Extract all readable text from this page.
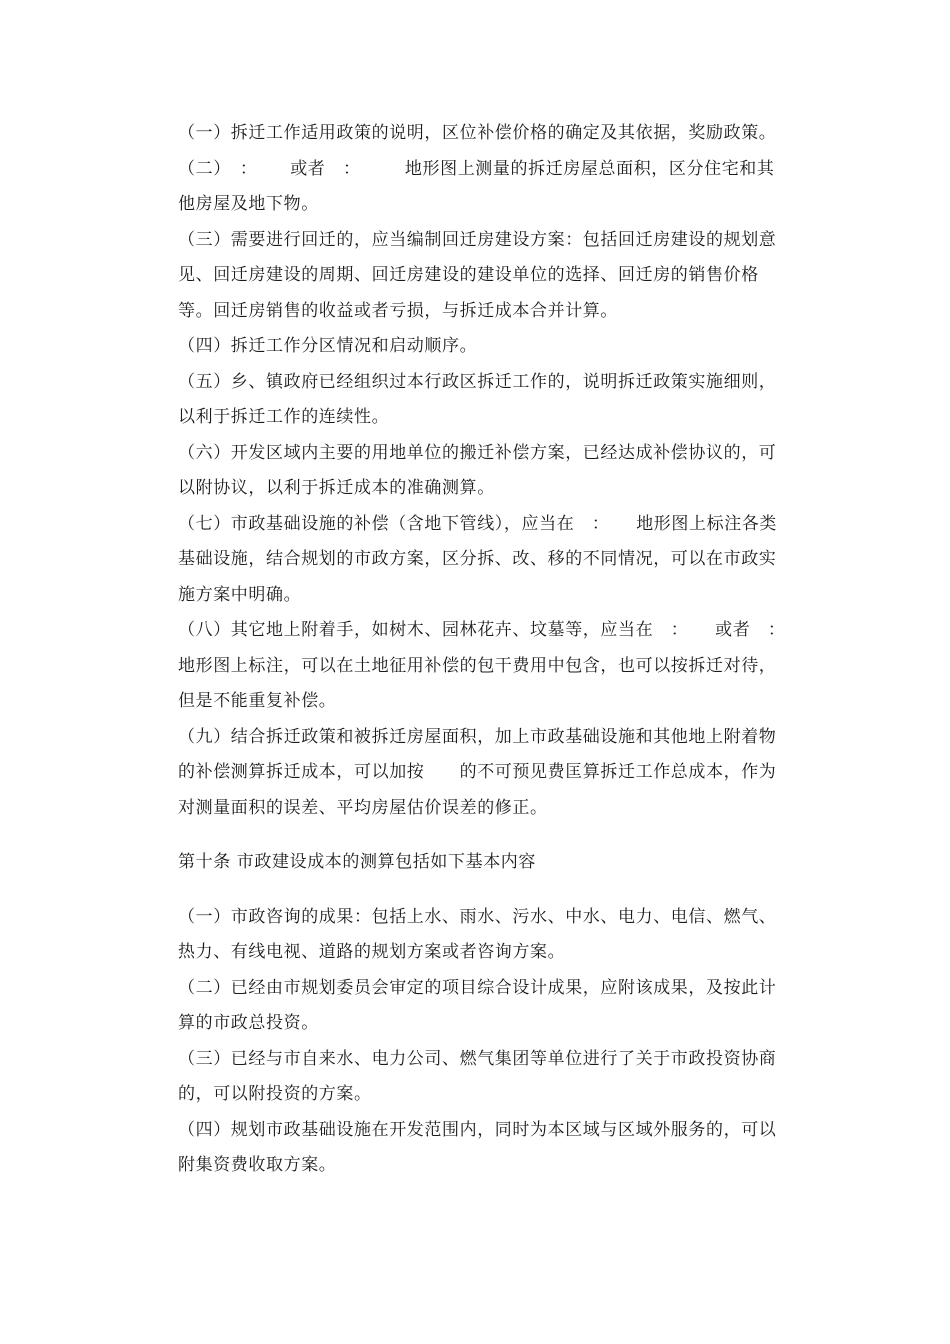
（一）拆迁工作适用政策的说明，区位补偿价格的确定及其依据，奖励政策。

（二）　：　　 或者　：　　　地形图上测量的拆迁房屋总面积，区分住宅和其他房屋及地下物。

（三）需要进行回迁的，应当编制回迁房建设方案：包括回迁房建设的规划意见、回迁房建设的周期、回迁房建设的建设单位的选择、回迁房的销售价格等。回迁房销售的收益或者亏损，与拆迁成本合并计算。

（四）拆迁工作分区情况和启动顺序。

（五）乡、镇政府已经组织过本行政区拆迁工作的，说明拆迁政策实施细则，以利于拆迁工作的连续性。

（六）开发区域内主要的用地单位的搬迁补偿方案，已经达成补偿协议的，可以附协议，以利于拆迁成本的准确测算。

（七）市政基础设施的补偿（含地下管线），应当在　：　　地形图上标注各类基础设施，结合规划的市政方案，区分拆、改、移的不同情况，可以在市政实施方案中明确。

（八）其它地上附着手，如树木、园林花卉、坟墓等，应当在　：　　或者　：　　　地形图上标注，可以在土地征用补偿的包干费用中包含，也可以按拆迁对待，但是不能重复补偿。

（九）结合拆迁政策和被拆迁房屋面积，加上市政基础设施和其他地上附着物的补偿测算拆迁成本，可以加按　　的不可预见费匡算拆迁工作总成本，作为对测量面积的误差、平均房屋估价误差的修正。

第十条 市政建设成本的测算包括如下基本内容

（一）市政咨询的成果：包括上水、雨水、污水、中水、电力、电信、燃气、热力、有线电视、道路的规划方案或者咨询方案。

（二）已经由市规划委员会审定的项目综合设计成果，应附该成果，及按此计算的市政总投资。

（三）已经与市自来水、电力公司、燃气集团等单位进行了关于市政投资协商的，可以附投资的方案。

（四）规划市政基础设施在开发范围内，同时为本区域与区域外服务的，可以附集资费收取方案。
